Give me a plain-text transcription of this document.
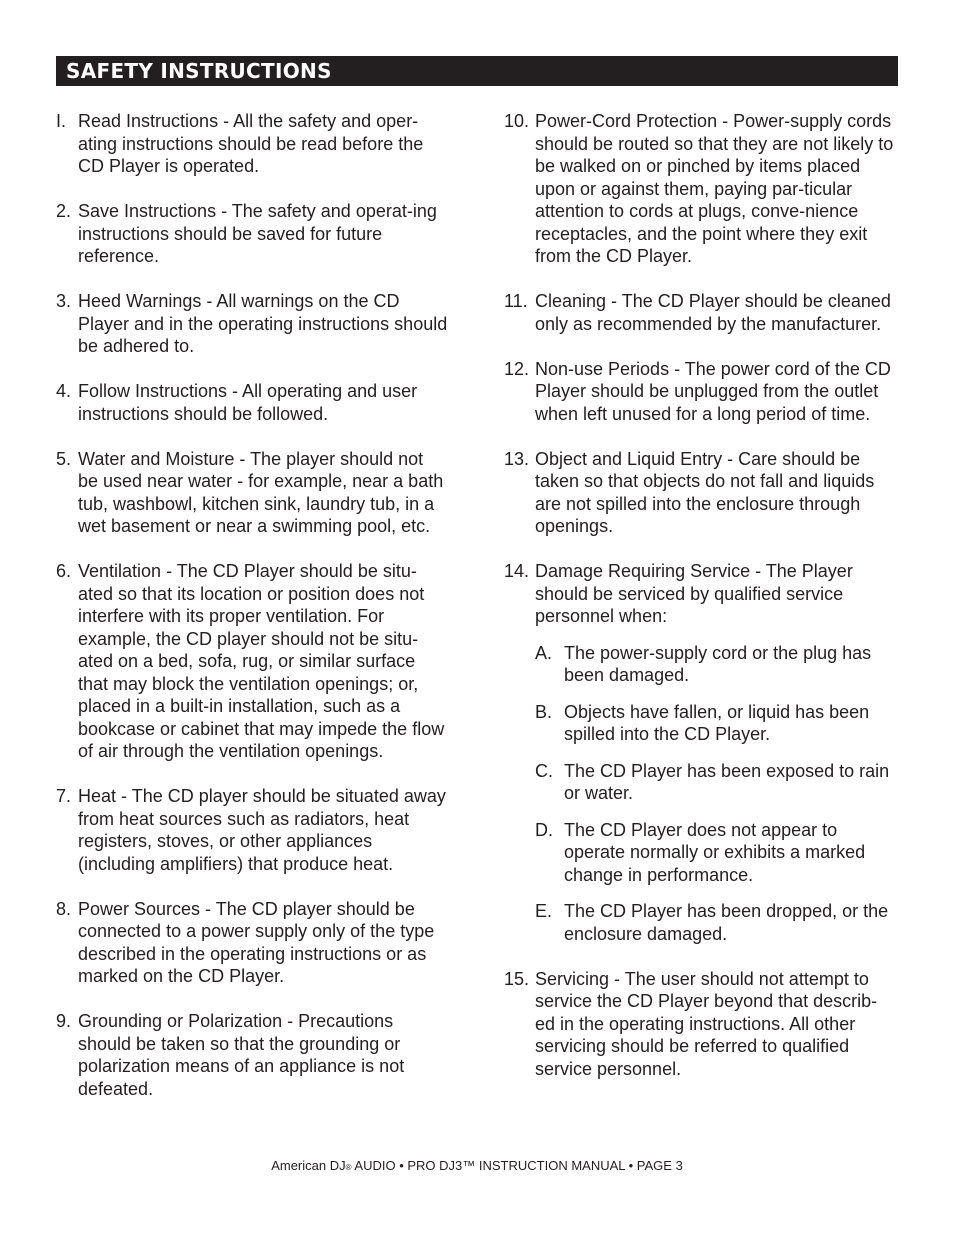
SAFETY INSTRUCTIONS
I. Read Instructions - All the safety and oper-ating instructions should be read before the CD Player is operated.
2. Save Instructions - The safety and operat-ing instructions should be saved for future reference.
3. Heed Warnings - All warnings on the CD Player and in the operating instructions should be adhered to.
4. Follow Instructions - All operating and user instructions should be followed.
5. Water and Moisture - The player should not be used near water - for example, near a bath tub, washbowl, kitchen sink, laundry tub, in a wet basement or near a swimming pool, etc.
6. Ventilation - The CD Player should be situ-ated so that its location or position does not interfere with its proper ventilation. For example, the CD player should not be situ-ated on a bed, sofa, rug, or similar surface that may block the ventilation openings; or, placed in a built-in installation, such as a bookcase or cabinet that may impede the flow of air through the ventilation openings.
7. Heat - The CD player should be situated away from heat sources such as radiators, heat registers, stoves, or other appliances (including amplifiers) that produce heat.
8. Power Sources - The CD player should be connected to a power supply only of the type described in the operating instructions or as marked on the CD Player.
9. Grounding or Polarization - Precautions should be taken so that the grounding or polarization means of an appliance is not defeated.
10. Power-Cord Protection - Power-supply cords should be routed so that they are not likely to be walked on or pinched by items placed upon or against them, paying par-ticular attention to cords at plugs, conve-nience receptacles, and the point where they exit from the CD Player.
11. Cleaning - The CD Player should be cleaned only as recommended by the manufacturer.
12. Non-use Periods - The power cord of the CD Player should be unplugged from the outlet when left unused for a long period of time.
13. Object and Liquid Entry - Care should be taken so that objects do not fall and liquids are not spilled into the enclosure through openings.
14. Damage Requiring Service - The Player should be serviced by qualified service personnel when:
A. The power-supply cord or the plug has been damaged.
B. Objects have fallen, or liquid has been spilled into the CD Player.
C. The CD Player has been exposed to rain or water.
D. The CD Player does not appear to operate normally or exhibits a marked change in performance.
E. The CD Player has been dropped, or the enclosure damaged.
15. Servicing - The user should not attempt to service the CD Player beyond that describ-ed in the operating instructions. All other servicing should be referred to qualified service personnel.
American DJ® AUDIO • PRO DJ3™ INSTRUCTION MANUAL • PAGE 3
